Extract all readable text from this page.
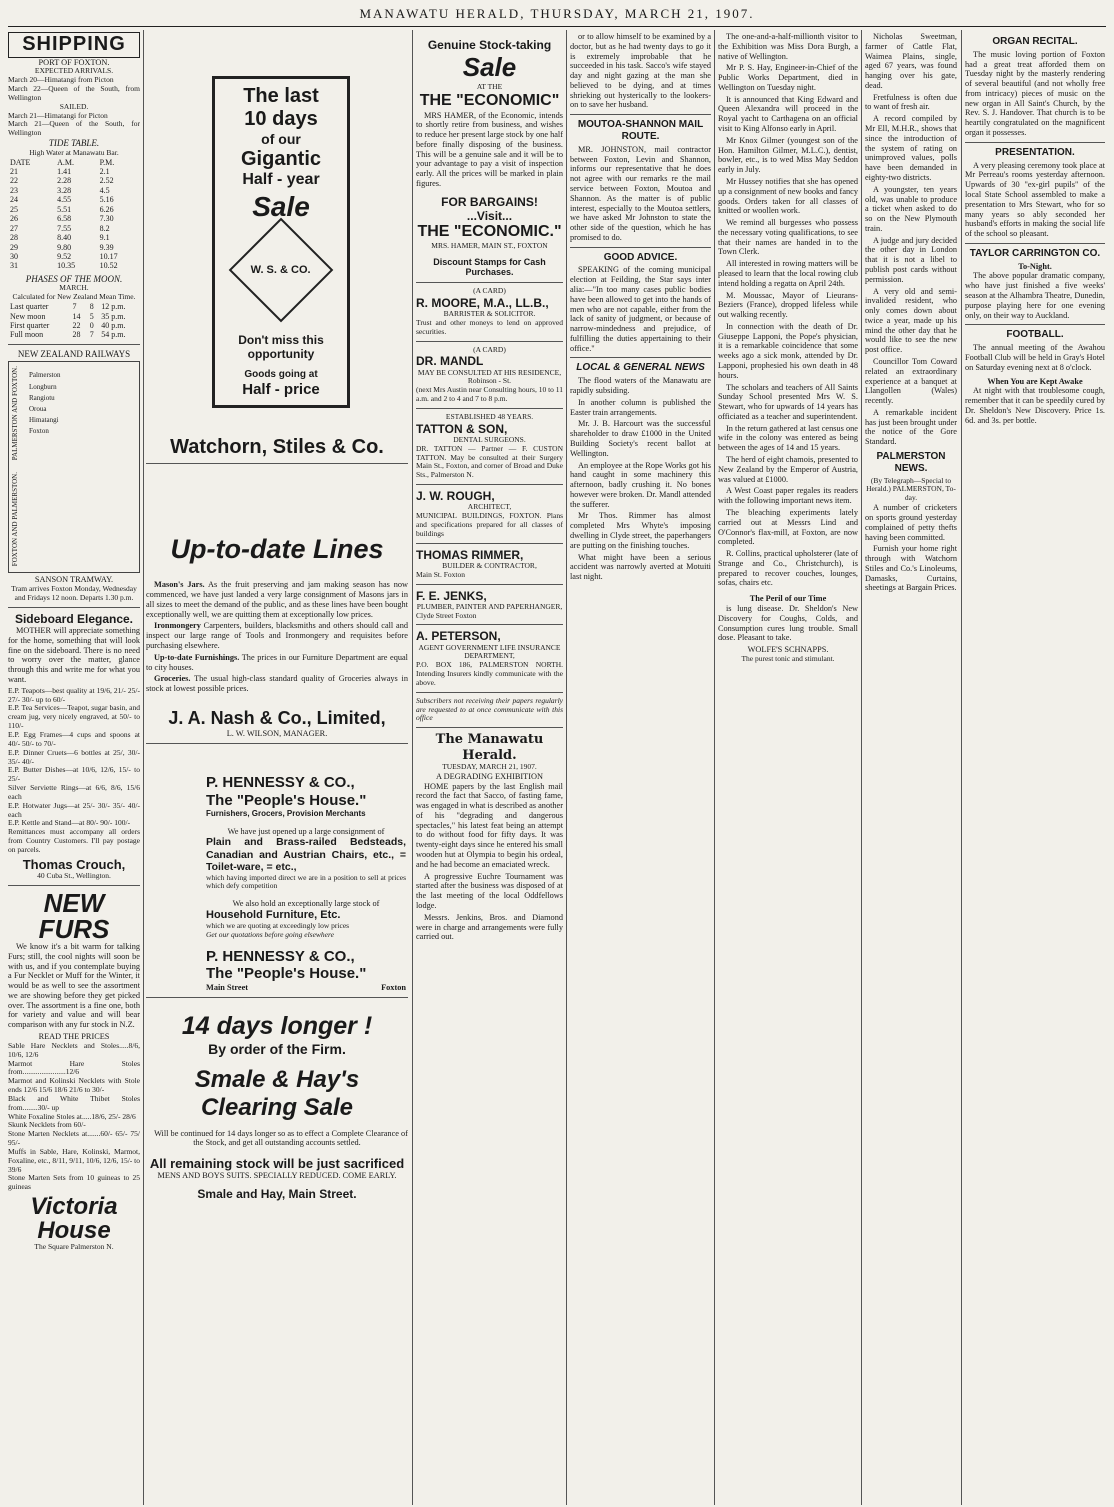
MANAWATU HERALD, THURSDAY, MARCH 21, 1907.
SHIPPING
PORT OF FOXTON.
EXPECTED ARRIVALS.
March 20—Himatangi from Picton
March 22—Queen of the South, from Wellington
SAILED.
March 21—Himatangi for Picton
March 21—Queen of the South, for Wellington
TIDE TABLE.
High Water at Manawatu Bar.
DATE	A.M.	P.M.
21	1.41	2.1
22	2.28	2.52
23	3.28	4.5
24	4.55	5.16
25	5.51	6.26
26	6.58	7.30
27	7.55	8.2
28	8.40	9.1
29	9.80	9.39
30	9.52	10.17
31	10.35	10.52
PHASES OF THE MOON.
MARCH.
Calculated for New Zealand Mean Time.
Last quarter	7	8	12 p.m.
New moon	14	5	35 p.m.
First quarter	22	0	40 p.m.
Full moon	28	7	54 p.m.
NEW ZEALAND RAILWAYS
PALMERSTON AND FOXTON. Palmerston
Longburn
Rangiotu
Oroua
Himatangi
Foxton
FOXTON AND PALMERSTON.
SANSON TRAMWAY.
Tram arrives Foxton Monday, Wednesday and Fridays 12 noon. Departs 1.30 p.m.
Sideboard Elegance.

MOTHER will appreciate something for the home, something that will look fine on the sideboard. There is no need to worry over the matter, glance through this and write me for what you want.

E.P. Teapots—best quality at 19/6, 21/- 25/- 27/- 30/- up to 60/-
E.P. Tea Services—Teapot, sugar basin, and cream jug, very nicely engraved, at 50/- to 110/-
E.P. Egg Frames—4 cups and spoons at 40/- 50/- to 70/-
E.P. Dinner Cruets—6 bottles at 25/, 30/- 35/- 40/-
E.P. Butter Dishes—at 10/6, 12/6, 15/- to 25/-
Silver Serviette Rings—at 6/6, 8/6, 15/6 each
E.P. Hotwater Jugs—at 25/- 30/- 35/- 40/- each
E.P. Kettle and Stand—at 80/- 90/- 100/-
Remittances must accompany all orders from Country Customers. I'll pay postage on parcels.
Thomas Crouch,
40 Cuba St., Wellington.
NEW
FURS

We know it's a bit warm for talking Furs; still, the cool nights will soon be with us, and if you contemplate buying a Fur Necklet or Muff for the Winter, it would be as well to see the assortment we are showing before they get picked over. The assortment is a fine one, both for variety and value and will bear comparison with any fur stock in N.Z.

READ THE PRICES
Sable Hare Necklets and Stoles.....8/6, 10/6, 12/6
Marmot Hare Stoles from.......................12/6
Marmot and Kolinski Necklets with Stole ends 12/6 15/6 18/6 21/6 to 30/-
Black and White Thibet Stoles from........30/- up
White Foxaline Stoles at.....18/6, 25/- 28/6
Skunk Necklets from 60/-
Stone Marten Necklets at.......60/- 65/- 75/ 95/-
Muffs in Sable, Hare, Kolinski, Marmot, Foxaline, etc., 8/11, 9/11, 10/6, 12/6, 15/- to 39/6
Stone Marten Sets from 10 guineas to 25 guineas
Victoria
House
The Square Palmerston N.
The last
10 days
of our
Gigantic
Half - year
Sale
W. S. & CO.
Don't miss this opportunity
Goods going at
Half - price
Watchorn, Stiles & Co.
Up-to-date Lines

Mason's Jars. As the fruit preserving and jam making season has now commenced, we have just landed a very large consignment of Masons jars in all sizes to meet the demand of the public, and as these lines have been bought exceptionally well, we are quitting them at exceptionally low prices.

Ironmongery Carpenters, builders, blacksmiths and others should call and inspect our large range of Tools and Ironmongery and requisites before purchasing elsewhere.

Up-to-date Furnishings. The prices in our Furniture Department are equal to city houses.

Groceries. The usual high-class standard quality of Groceries always in stock at lowest possible prices.

J. A. Nash & Co., Limited,
L. W. WILSON, MANAGER.
P. HENNESSY & CO.,
The "People's House."
Furnishers, Grocers, Provision Merchants
We have just opened up a large consignment of
Plain and Brass-railed Bedsteads, Canadian and Austrian Chairs, etc., = Toilet-ware, = etc.,
which having imported direct we are in a position to sell at prices which defy competition
We also hold an exceptionally large stock of
Household Furniture, Etc.
which we are quoting at exceedingly low prices
Get our quotations before going elsewhere
P. HENNESSY & CO.,
The "People's House."
Main Street	Foxton
14 days longer !
By order of the Firm.
Smale & Hay's
Clearing Sale

Will be continued for 14 days longer so as to effect a Complete Clearance of the Stock, and get all outstanding accounts settled.

All remaining stock will be just sacrificed
MENS AND BOYS SUITS. SPECIALLY REDUCED. COME EARLY.
Smale and Hay, Main Street.
Genuine Stock-taking
Sale
AT THE
THE "ECONOMIC"

MRS HAMER, of the Economic, intends to shortly retire from business, and wishes to reduce her present large stock by one half before finally disposing of the business. This will be a genuine sale and it will be to your advantage to pay a visit of inspection early. All the prices will be marked in plain figures.

FOR BARGAINS!
...Visit...
THE "ECONOMIC."
MRS. HAMER, MAIN ST., FOXTON
Discount Stamps for Cash Purchases.
(A CARD)
R. MOORE, M.A., LL.B.,
BARRISTER & SOLICITOR.
Trust and other moneys to lend on approved securities.
(A CARD)
DR. MANDL
MAY BE CONSULTED AT HIS RESIDENCE, Robinson - St.
(next Mrs Austin near Consulting hours, 10 to 11 a.m. and 2 to 4 and 7 to 8 p.m.
ESTABLISHED 48 YEARS.
TATTON & SON,
DENTAL SURGEONS.
DR. TATTON — Partner — F. CUSTON TATTON. May be consulted at their Surgery Main St., Foxton, and corner of Broad and Duke Sts., Palmerston N.
J. W. ROUGH,
ARCHITECT,
MUNICIPAL BUILDINGS, FOXTON. Plans and specifications prepared for all classes of buildings
THOMAS RIMMER,
BUILDER & CONTRACTOR,
Main St. Foxton
F. E. JENKS,
PLUMBER, PAINTER AND PAPERHANGER,
Clyde Street Foxton
A. PETERSON,
AGENT GOVERNMENT LIFE INSURANCE DEPARTMENT,
P.O. BOX 186, PALMERSTON NORTH. Intending Insurers kindly communicate with the above.
Subscribers not receiving their papers regularly are requested to at once communicate with this office
The Manawatu Herald.
TUESDAY, MARCH 21, 1907.
A DEGRADING EXHIBITION

HOME papers by the last English mail record the fact that Sacco, of fasting fame, was engaged in what is described as another of his "degrading and dangerous spectacles," his latest feat being an attempt to do without food for fifty days. It was twenty-eight days since he entered his small wooden hut at Olympia to begin his ordeal, and he had become an emaciated wreck.

A progressive Euchre Tournament was started after the business was disposed of at the last meeting of the local Oddfellows lodge.

Messrs. Jenkins, Bros. and Diamond were in charge and arrangements were fully carried out.

or to allow himself to be examined by a doctor, but as he had twenty days to go it is extremely improbable that he succeeded in his task. Sacco's wife stayed day and night gazing at the man she believed to be dying, and at times shrieking out hysterically to the lookers-on to save her husband.

MOUTOA-SHANNON MAIL ROUTE.

MR. JOHNSTON, mail contractor between Foxton, Levin and Shannon, informs our representative that he does not agree with our remarks re the mail service between Foxton, Moutoa and Shannon. As the matter is of public interest, especially to the Moutoa settlers, we have asked Mr Johnston to state the other side of the question, which he has promised to do.

GOOD ADVICE.

SPEAKING of the coming municipal election at Feilding, the Star says inter alia:—"In too many cases public bodies have been allowed to get into the hands of men who are not capable, either from the lack of sanity of judgment, or because of narrow-mindedness and prejudice, of fulfilling the duties appertaining to their office."

LOCAL & GENERAL NEWS

The flood waters of the Manawatu are rapidly subsiding.

In another column is published the Easter train arrangements.

Mr. J. B. Harcourt was the successful shareholder to draw £1000 in the United Building Society's recent ballot at Wellington.

An employee at the Rope Works got his hand caught in some machinery this afternoon, badly crushing it. No bones however were broken. Dr. Mandl attended the sufferer.

Mr Thos. Rimmer has almost completed Mrs Whyte's imposing dwelling in Clyde street, the paperhangers are putting on the finishing touches.

What might have been a serious accident was narrowly averted at Motuiti last night.

The one-and-a-half-millionth visitor to the Exhibition was Miss Dora Burgh, a native of Wellington.

Mr P. S. Hay, Engineer-in-Chief of the Public Works Department, died in Wellington on Tuesday night.

It is announced that King Edward and Queen Alexandra will proceed in the Royal yacht to Carthagena on an official visit to King Alfonso early in April.

Mr Knox Gilmer (youngest son of the Hon. Hamilton Gilmer, M.L.C.), dentist, bowler, etc., is to wed Miss May Seddon early in July.

Mr Hussey notifies that she has opened up a consignment of new books and fancy goods. Orders taken for all classes of knitted or woollen work.

We remind all burgesses who possess the necessary voting qualifications, to see that their names are handed in to the Town Clerk.

All interested in rowing matters will be pleased to learn that the local rowing club intend holding a regatta on April 24th.

M. Moussac, Mayor of Lieurans-Beziers (France), dropped lifeless while out walking recently.

In connection with the death of Dr. Giuseppe Lapponi, the Pope's physician, it is a remarkable coincidence that some weeks ago a sick monk, attended by Dr. Lapponi, prophesied his own death in 48 hours.

The scholars and teachers of All Saints Sunday School presented Mrs W. S. Stewart, who for upwards of 14 years has officiated as a teacher and superintendent.

In the return gathered at last census one wife in the colony was entered as being between the ages of 14 and 15 years.

The herd of eight chamois, presented to New Zealand by the Emperor of Austria, was valued at £1000.

A West Coast paper regales its readers with the following important news item.

The bleaching experiments lately carried out at Messrs Lind and O'Connor's flax-mill, at Foxton, are now completed.

R. Collins, practical upholsterer (late of Strange and Co., Christchurch), is prepared to recover couches, lounges, sofas, chairs etc.

The Peril of our Time

is lung disease. Dr. Sheldon's New Discovery for Coughs, Colds, and Consumption cures lung trouble. Small dose. Pleasant to take.

WOLFE'S SCHNAPPS.
The purest tonic and stimulant.

Nicholas Sweetman, farmer of Cattle Flat, Waimea Plains, single, aged 67 years, was found hanging over his gate, dead.

Fretfulness is often due to want of fresh air.

A record compiled by Mr Ell, M.H.R., shows that since the introduction of the system of rating on unimproved values, polls have been demanded in eighty-two districts.

A youngster, ten years old, was unable to produce a ticket when asked to do so on the New Plymouth train.

A judge and jury decided the other day in London that it is not a libel to publish post cards without permission.

A very old and semi-invalided resident, who only comes down about twice a year, made up his mind the other day that he would like to see the new post office.

Councillor Tom Coward related an extraordinary experience at a banquet at Llangollen (Wales) recently.

A remarkable incident has just been brought under the notice of the Gore Standard.

PALMERSTON NEWS.
(By Telegraph—Special to Herald.) PALMERSTON, To-day.

A number of cricketers on sports ground yesterday complained of petty thefts having been committed.

Furnish your home right through with Watchorn Stiles and Co.'s Linoleums, Damasks, Curtains, sheetings at Bargain Prices.

ORGAN RECITAL.

The music loving portion of Foxton had a great treat afforded them on Tuesday night by the masterly rendering of several beautiful (and not wholly free from intricacy) pieces of music on the new organ in All Saint's Church, by the Rev. S. J. Handover. That church is to be heartily congratulated on the magnificent organ it possesses.

PRESENTATION.

A very pleasing ceremony took place at Mr Perreau's rooms yesterday afternoon. Upwards of 30 "ex-girl pupils" of the local State School assembled to make a presentation to Mrs Stewart, who for so many years so ably seconded her husband's efforts in making the social life of the school so pleasant.

TAYLOR CARRINGTON CO.
To-Night.

The above popular dramatic company, who have just finished a five weeks' season at the Alhambra Theatre, Dunedin, purpose playing here for one evening only, on their way to Auckland.

FOOTBALL.

The annual meeting of the Awahou Football Club will be held in Gray's Hotel on Saturday evening next at 8 o'clock.

When You are Kept Awake

At night with that troublesome cough, remember that it can be speedily cured by Dr. Sheldon's New Discovery. Price 1s. 6d. and 3s. per bottle.
